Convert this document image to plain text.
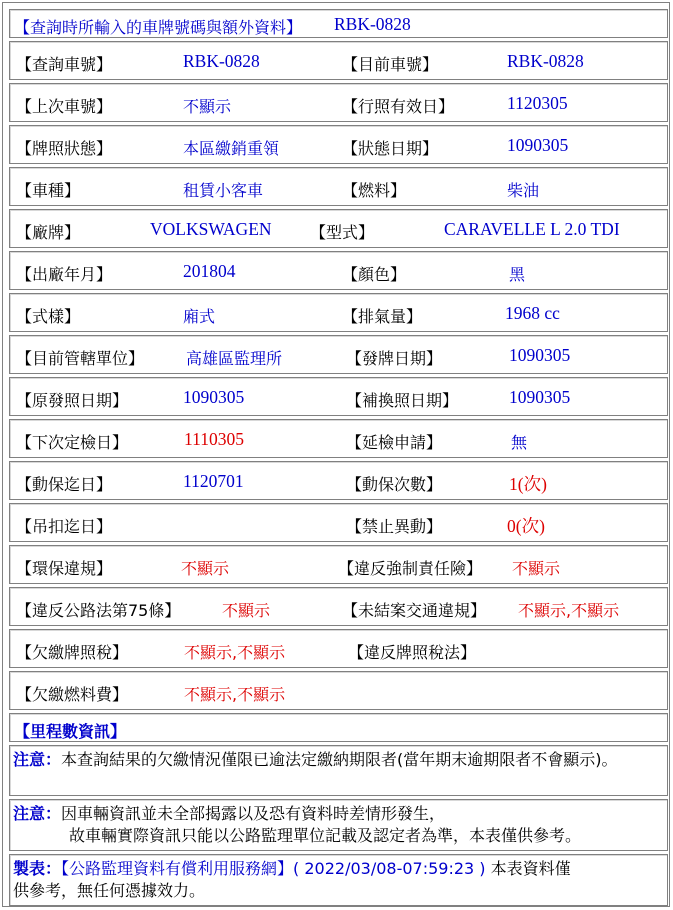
【查詢時所輸入的車牌號碼與額外資料】 RBK-0828
【查詢車號】	RBK-0828	【目前車號】	RBK-0828
【上次車號】	不顯示	【行照有效日】	1120305
【牌照狀態】	本區繳銷重領	【狀態日期】	1090305
【車種】	租賃小客車	【燃料】	柴油
【廠牌】	VOLKSWAGEN 【型式】	CARAVELLE L 2.0 TDI
【出廠年月】	201804	【顏色】	黑
【式樣】	廂式	【排氣量】	1968 cc
【目前管轄單位】	高雄區監理所	【發牌日期】	1090305
【原發照日期】	1090305	【補換照日期】	1090305
【下次定檢日】	1110305	【延檢申請】	無
【動保迄日】	1120701	【動保次數】	1(次)
【吊扣迄日】	【禁止異動】	0(次)
【環保違規】	不顯示	【違反強制責任險】 不顯示
【違反公路法第75條】	不顯示	【未結案交通違規】 不顯示,不顯示
【欠繳牌照稅】	不顯示,不顯示	【違反牌照稅法】
【欠繳燃料費】	不顯示,不顯示
【里程數資訊】
注意：本查詢結果的欠繳情況僅限已逾法定繳納期限者(當年期末逾期限者不會顯示)。
注意：因車輛資訊並未全部揭露以及恐有資料時差情形發生，
故車輛實際資訊只能以公路監理單位記載及認定者為準，本表僅供參考。
製表：【公路監理資料有償利用服務網】( 2022/03/08-07:59:23 ) 本表資料僅
供參考，無任何憑據效力。
